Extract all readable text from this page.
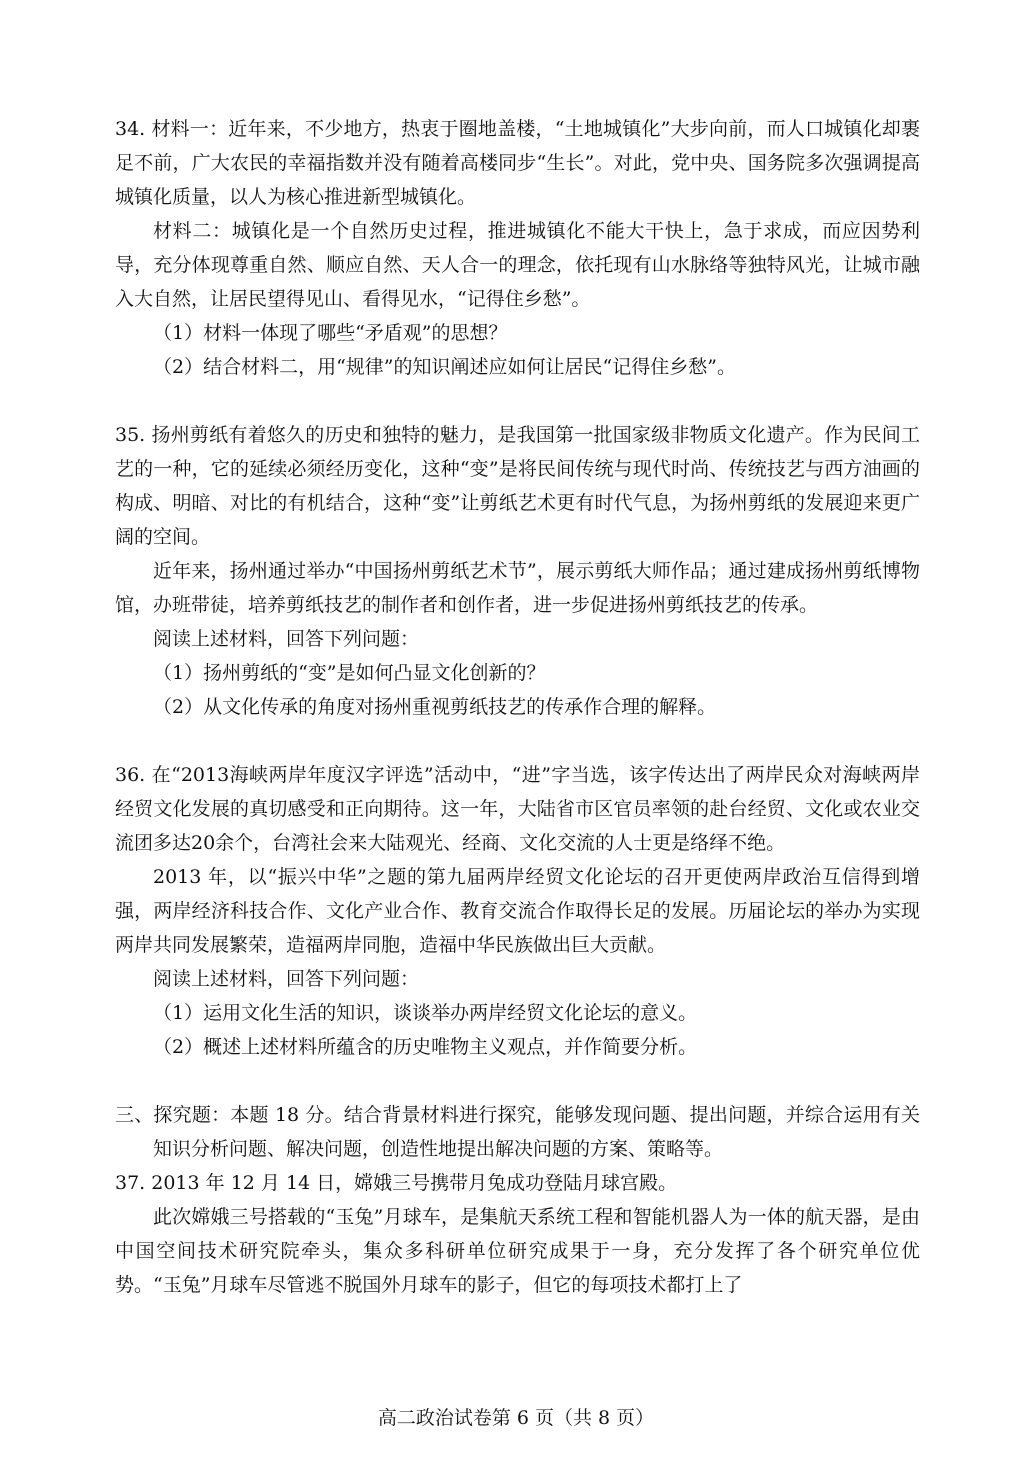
34. 材料一：近年来，不少地方，热衷于圈地盖楼，“土地城镇化”大步向前，而人口城镇化却裹足不前，广大农民的幸福指数并没有随着高楼同步“生长”。对此，党中央、国务院多次强调提高城镇化质量，以人为核心推进新型城镇化。

材料二：城镇化是一个自然历史过程，推进城镇化不能大干快上，急于求成，而应因势利导，充分体现尊重自然、顺应自然、天人合一的理念，依托现有山水脉络等独特风光，让城市融入大自然，让居民望得见山、看得见水，“记得住乡愁”。

（1）材料一体现了哪些“矛盾观”的思想？

（2）结合材料二，用“规律”的知识阐述应如何让居民“记得住乡愁”。

35. 扬州剪纸有着悠久的历史和独特的魅力，是我国第一批国家级非物质文化遗产。作为民间工艺的一种，它的延续必须经历变化，这种“变”是将民间传统与现代时尚、传统技艺与西方油画的构成、明暗、对比的有机结合，这种“变”让剪纸艺术更有时代气息，为扬州剪纸的发展迎来更广阔的空间。

近年来，扬州通过举办“中国扬州剪纸艺术节”，展示剪纸大师作品；通过建成扬州剪纸博物馆，办班带徒，培养剪纸技艺的制作者和创作者，进一步促进扬州剪纸技艺的传承。

阅读上述材料，回答下列问题：

（1）扬州剪纸的“变”是如何凸显文化创新的？

（2）从文化传承的角度对扬州重视剪纸技艺的传承作合理的解释。

36. 在“2013海峡两岸年度汉字评选”活动中，“进”字当选，该字传达出了两岸民众对海峡两岸经贸文化发展的真切感受和正向期待。这一年，大陆省市区官员率领的赴台经贸、文化或农业交流团多达20余个，台湾社会来大陆观光、经商、文化交流的人士更是络绎不绝。

2013 年，以“振兴中华”之题的第九届两岸经贸文化论坛的召开更使两岸政治互信得到增强，两岸经济科技合作、文化产业合作、教育交流合作取得长足的发展。历届论坛的举办为实现两岸共同发展繁荣，造福两岸同胞，造福中华民族做出巨大贡献。

阅读上述材料，回答下列问题：

（1）运用文化生活的知识，谈谈举办两岸经贸文化论坛的意义。

（2）概述上述材料所蕴含的历史唯物主义观点，并作简要分析。

三、探究题：本题 18 分。结合背景材料进行探究，能够发现问题、提出问题，并综合运用有关知识分析问题、解决问题，创造性地提出解决问题的方案、策略等。

37. 2013 年 12 月 14 日，嫦娥三号携带月兔成功登陆月球宫殿。

此次嫦娥三号搭载的“玉兔”月球车，是集航天系统工程和智能机器人为一体的航天器，是由中国空间技术研究院牵头，集众多科研单位研究成果于一身，充分发挥了各个研究单位优势。“玉兔”月球车尽管逃不脱国外月球车的影子，但它的每项技术都打上了

高二政治试卷第 6 页（共 8 页）
